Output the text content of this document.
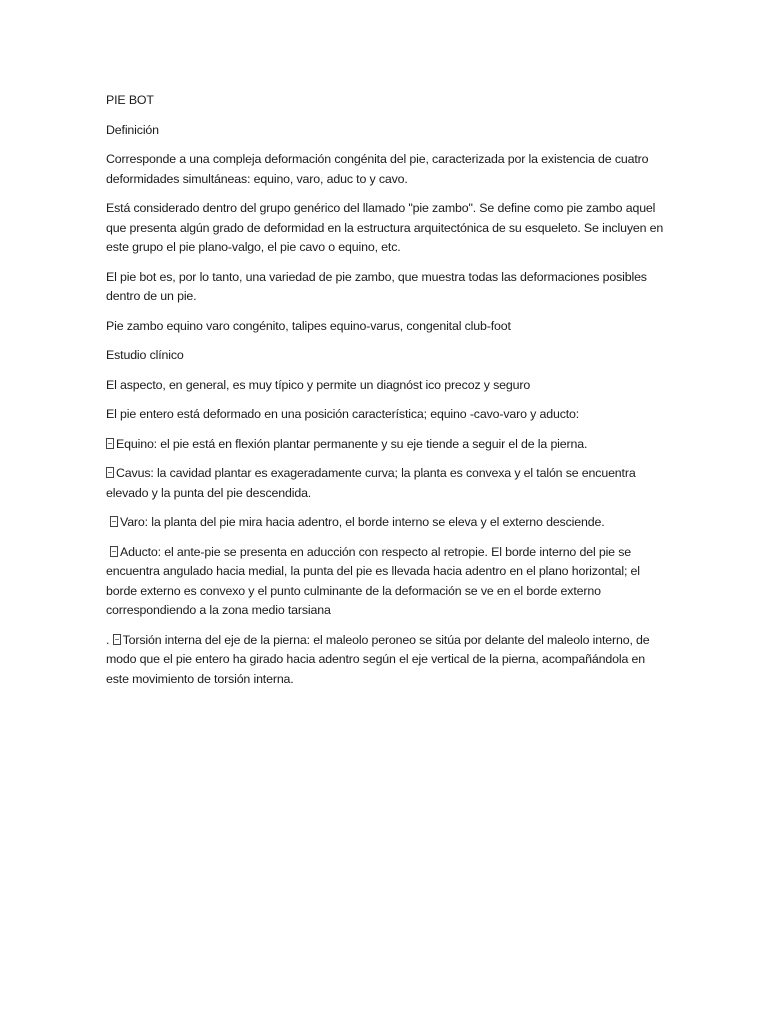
PIE BOT

Definición

Corresponde a una compleja deformación congénita del pie, caracterizada por la existencia de cuatro deformidades simultáneas: equino, varo, aduc to y cavo.

Está considerado dentro del grupo genérico del llamado "pie zambo". Se define como pie zambo aquel que presenta algún grado de deformidad en la estructura arquitectónica de su esqueleto. Se incluyen en este grupo el pie plano-valgo, el pie cavo o equino, etc.

El pie bot es, por lo tanto, una variedad de pie zambo, que muestra todas las deformaciones posibles dentro de un pie.

Pie zambo equino varo congénito, talipes equino-varus, congenital club-foot

Estudio clínico

El aspecto, en general, es muy típico y permite un diagnóst ico precoz y seguro

El pie entero está deformado en una posición característica; equino -cavo-varo y aducto:

Equino: el pie está en flexión plantar permanente y su eje tiende a seguir el de la pierna.

Cavus: la cavidad plantar es exageradamente curva; la planta es convexa y el talón se encuentra elevado y la punta del pie descendida.

Varo: la planta del pie mira hacia adentro, el borde interno se eleva y el externo desciende.

Aducto: el ante-pie se presenta en aducción con respecto al retropie. El borde interno del pie se encuentra angulado hacia medial, la punta del pie es llevada hacia adentro en el plano horizontal; el borde externo es convexo y el punto culminante de la deformación se ve en el borde externo correspondiendo a la zona medio tarsiana

. Torsión interna del eje de la pierna: el maleolo peroneo se sitúa por delante del maleolo interno, de modo que el pie entero ha girado hacia adentro según el eje vertical de la pierna, acompañándola en este movimiento de torsión interna.
